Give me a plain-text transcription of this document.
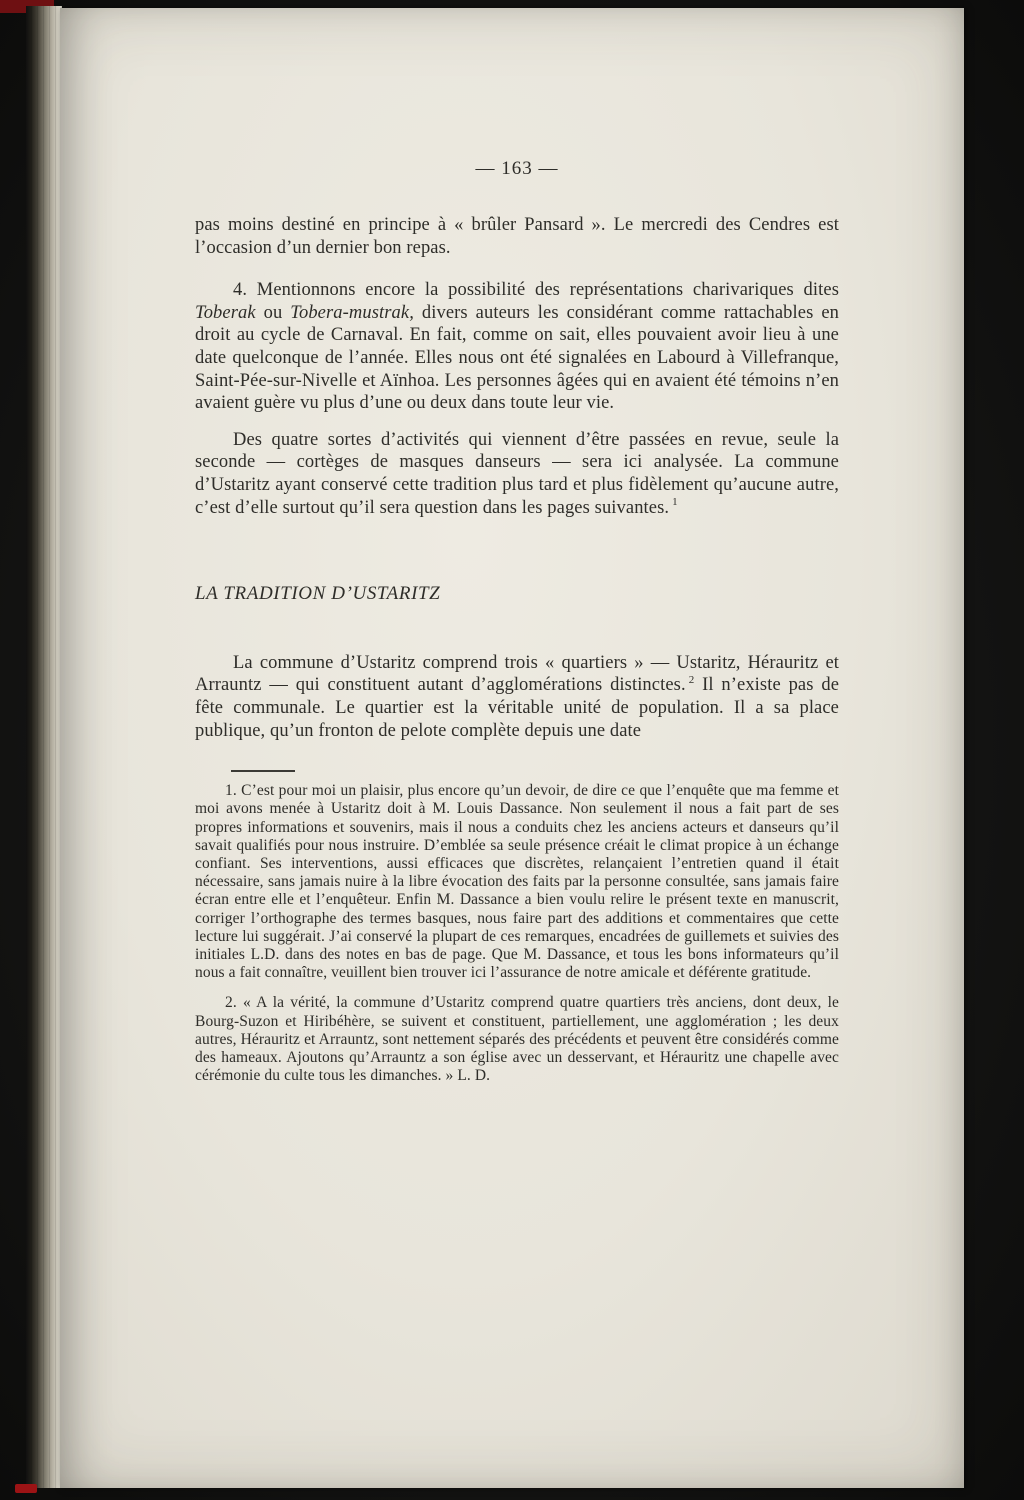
— 163 —

pas moins destiné en principe à « brûler Pansard ». Le mercredi des Cendres est l’occasion d’un dernier bon repas.

4. Mentionnons encore la possibilité des représentations charivariques dites Toberak ou Tobera-mustrak, divers auteurs les considérant comme rattachables en droit au cycle de Carnaval. En fait, comme on sait, elles pouvaient avoir lieu à une date quelconque de l’année. Elles nous ont été signalées en Labourd à Villefranque, Saint-Pée-sur-Nivelle et Aïnhoa. Les personnes âgées qui en avaient été témoins n’en avaient guère vu plus d’une ou deux dans toute leur vie.

Des quatre sortes d’activités qui viennent d’être passées en revue, seule la seconde — cortèges de masques danseurs — sera ici analysée. La commune d’Ustaritz ayant conservé cette tradition plus tard et plus fidèlement qu’aucune autre, c’est d’elle surtout qu’il sera question dans les pages suivantes. $^1$

LA TRADITION D’USTARITZ

La commune d’Ustaritz comprend trois « quartiers » — Ustaritz, Hérauritz et Arrauntz — qui constituent autant d’agglomérations distinctes. $^2$ Il n’existe pas de fête communale. Le quartier est la véritable unité de population. Il a sa place publique, qu’un fronton de pelote complète depuis une date

1. C’est pour moi un plaisir, plus encore qu’un devoir, de dire ce que l’enquête que ma femme et moi avons menée à Ustaritz doit à M. Louis Dassance. Non seulement il nous a fait part de ses propres informations et souvenirs, mais il nous a conduits chez les anciens acteurs et danseurs qu’il savait qualifiés pour nous instruire. D’emblée sa seule présence créait le climat propice à un échange confiant. Ses interventions, aussi efficaces que discrètes, relançaient l’entretien quand il était nécessaire, sans jamais nuire à la libre évocation des faits par la personne consultée, sans jamais faire écran entre elle et l’enquêteur. Enfin M. Dassance a bien voulu relire le présent texte en manuscrit, corriger l’orthographe des termes basques, nous faire part des additions et commentaires que cette lecture lui suggérait. J’ai conservé la plupart de ces remarques, encadrées de guillemets et suivies des initiales L.D. dans des notes en bas de page. Que M. Dassance, et tous les bons informateurs qu’il nous a fait connaître, veuillent bien trouver ici l’assurance de notre amicale et déférente gratitude.

2. « A la vérité, la commune d’Ustaritz comprend quatre quartiers très anciens, dont deux, le Bourg-Suzon et Hiribéhère, se suivent et constituent, partiellement, une agglomération ; les deux autres, Hérauritz et Arrauntz, sont nettement séparés des précédents et peuvent être considérés comme des hameaux. Ajoutons qu’Arrauntz a son église avec un desservant, et Hérauritz une chapelle avec cérémonie du culte tous les dimanches. » L. D.
